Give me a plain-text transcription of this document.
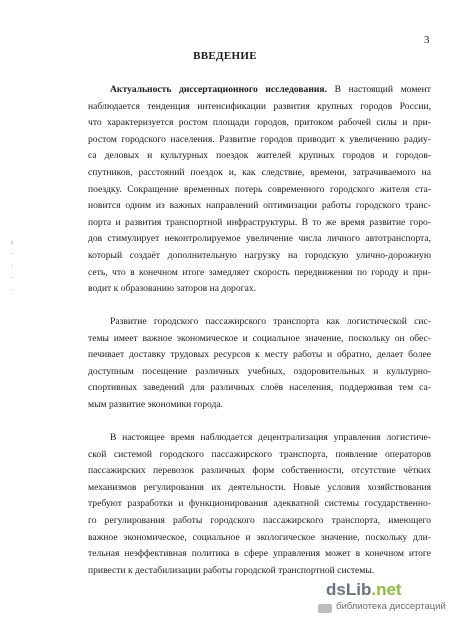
3
ВВЕДЕНИЕ
ı
·
:
·
·

Актуальность диссертационного исследования. В настоящий момент

наблюдается тенденция интенсификации развития крупных городов России,

что характеризуется ростом площади городов, притоком рабочей силы и при-

ростом городского населения. Развитие городов приводит к увеличению радиу-

са деловых и культурных поездок жителей крупных городов и городов-

спутников, расстояний поездок и, как следствие, времени, затрачиваемого на

поездку. Сокращение временных потерь современного городского жителя ста-

новится одним из важных направлений оптимизации работы городского транс-

порта и развития транспортной инфраструктуры. В то же время развитие горо-

дов стимулирует неконтролируемое увеличение числа личного автотранспорта,

который создаёт дополнительную нагрузку на городскую улично-дорожную

сеть, что в конечном итоге замедляет скорость передвижения по городу и при-

водит к образованию заторов на дорогах.

Развитие городского пассажирского транспорта как логистической сис-

темы имеет важное экономическое и социальное значение, поскольку он обес-

печивает доставку трудовых ресурсов к месту работы и обратно, делает более

доступным посещение различных учебных, оздоровительных и культурно-

спортивных заведений для различных слоёв населения, поддерживая тем са-

мым развитие экономики города.

В настоящее время наблюдается децентрализация управления логистиче-

ской системой городского пассажирского транспорта, появление операторов

пассажирских перевозок различных форм собственности, отсутствие чётких

механизмов регулирования их деятельности. Новые условия хозяйствования

требуют разработки и функционирования адекватной системы государственно-

го регулирования работы городского пассажирского транспорта, имеющего

важное экономическое, социальное и экологическое значение, поскольку дли-

тельная неэффективная политика в сфере управления может в конечном итоге

привести к дестабилизации работы городской транспортной системы.

dsLib.net
библиотека диссертаций
